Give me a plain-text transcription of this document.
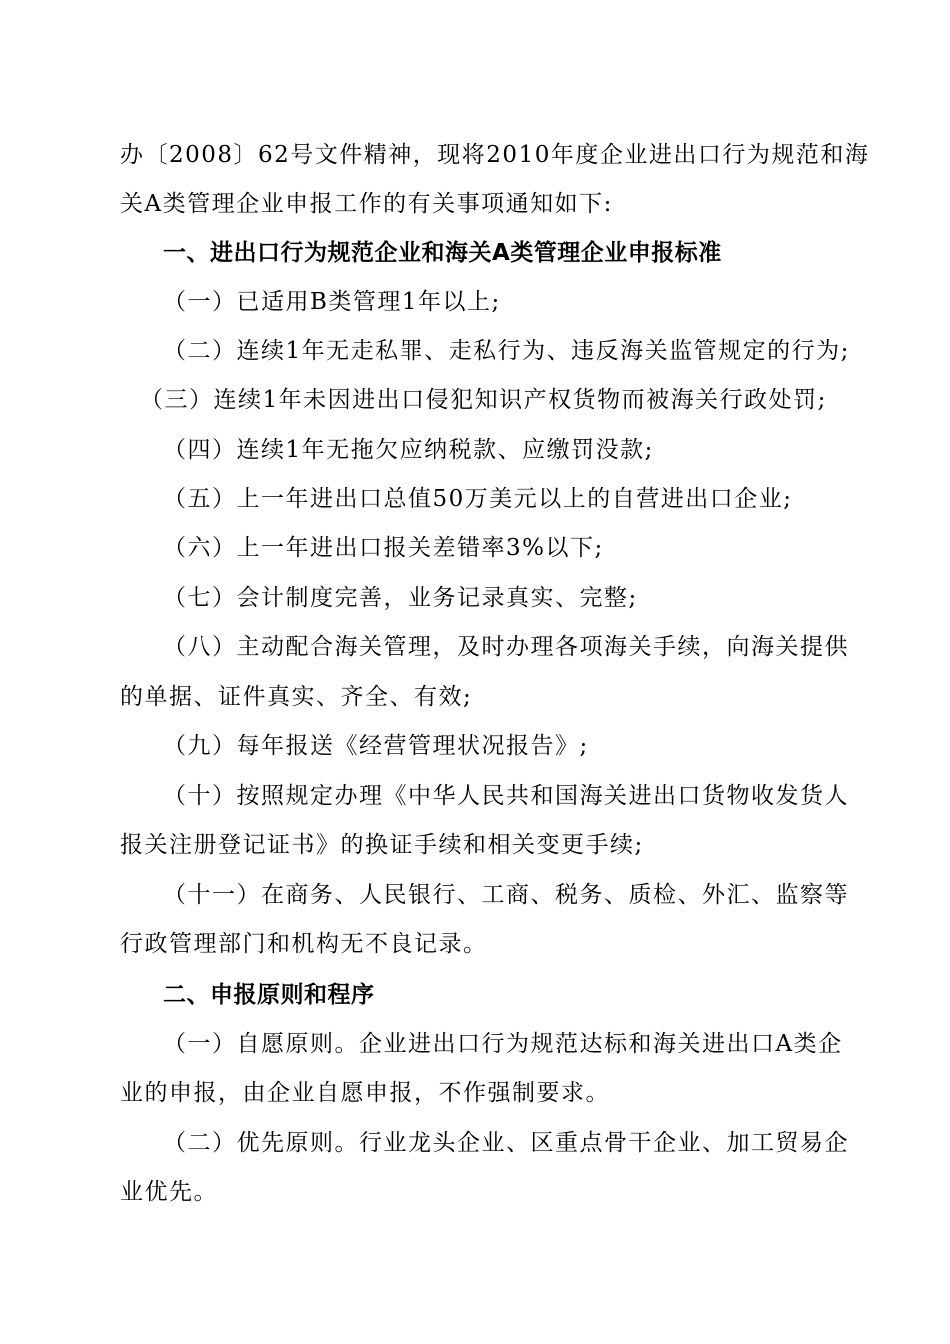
办〔2008〕62号文件精神，现将2010年度企业进出口行为规范和海
关A类管理企业申报工作的有关事项通知如下:
一、进出口行为规范企业和海关A类管理企业申报标准
（一）已适用B类管理1年以上;
（二）连续1年无走私罪、走私行为、违反海关监管规定的行为;
（三）连续1年未因进出口侵犯知识产权货物而被海关行政处罚;
（四）连续1年无拖欠应纳税款、应缴罚没款;
（五）上一年进出口总值50万美元以上的自营进出口企业;
（六）上一年进出口报关差错率3%以下;
（七）会计制度完善，业务记录真实、完整;
（八）主动配合海关管理，及时办理各项海关手续，向海关提供
的单据、证件真实、齐全、有效;
（九）每年报送《经营管理状况报告》;
（十）按照规定办理《中华人民共和国海关进出口货物收发货人
报关注册登记证书》的换证手续和相关变更手续;
（十一）在商务、人民银行、工商、税务、质检、外汇、监察等
行政管理部门和机构无不良记录。
二、申报原则和程序
（一）自愿原则。企业进出口行为规范达标和海关进出口A类企
业的申报，由企业自愿申报，不作强制要求。
（二）优先原则。行业龙头企业、区重点骨干企业、加工贸易企
业优先。
